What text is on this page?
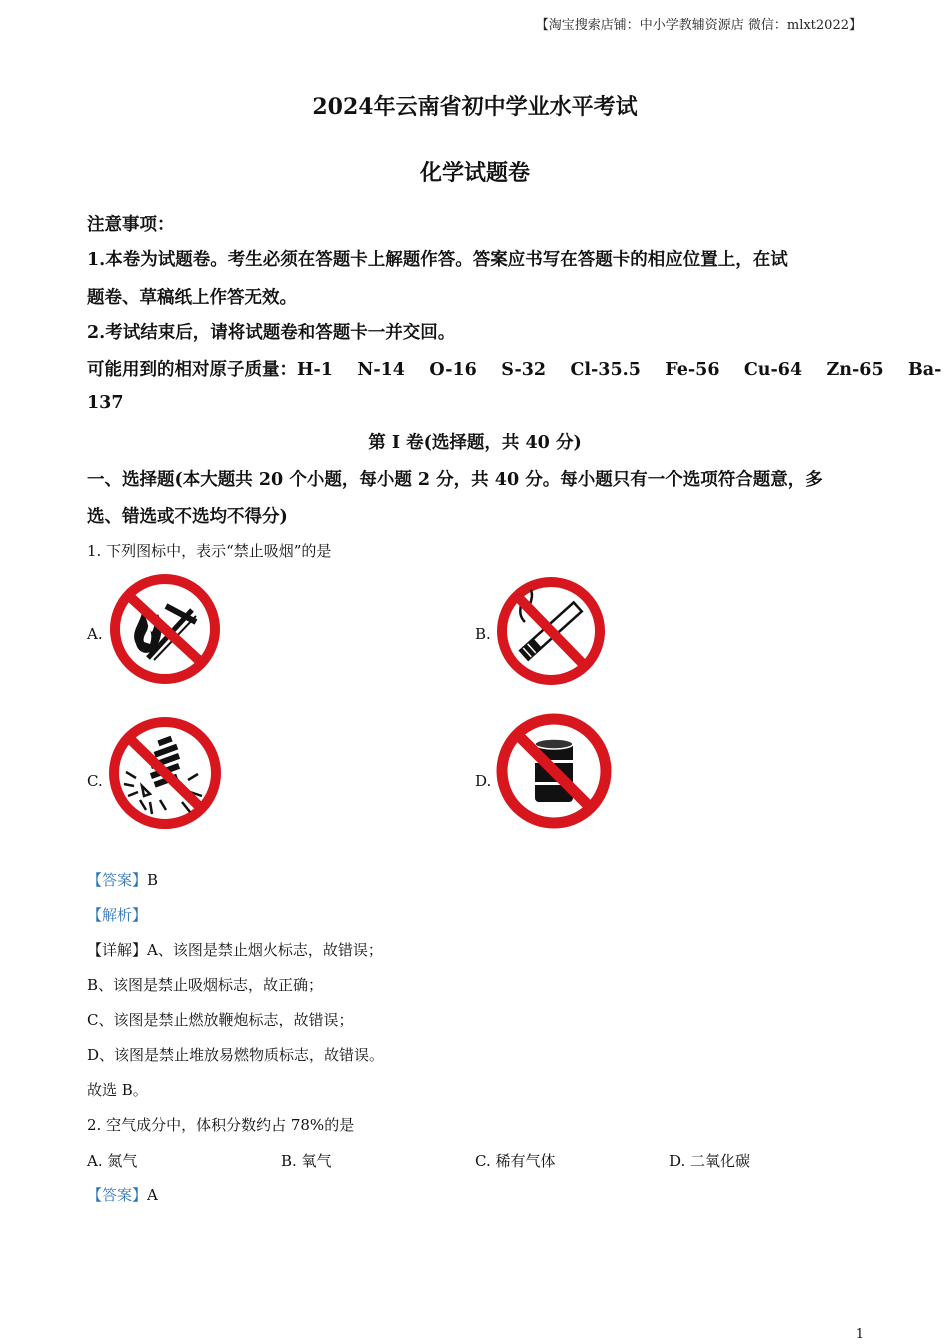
【淘宝搜索店铺：中小学教辅资源店 微信：mlxt2022】
2024年云南省初中学业水平考试
化学试题卷
注意事项：
1.本卷为试题卷。考生必须在答题卡上解题作答。答案应书写在答题卡的相应位置上，在试
题卷、草稿纸上作答无效。
2.考试结束后，请将试题卷和答题卡一并交回。
可能用到的相对原子质量：H-1    N-14    O-16    S-32    Cl-35.5    Fe-56    Cu-64    Zn-65    Ba-
137
第 I 卷(选择题，共 40 分)
一、选择题(本大题共 20 个小题，每小题 2 分，共 40 分。每小题只有一个选项符合题意，多
选、错选或不选均不得分)
1. 下列图标中，表示“禁止吸烟”的是
A.	B.
C.	D.
【答案】B
【解析】
【详解】A、该图是禁止烟火标志，故错误；
B、该图是禁止吸烟标志，故正确；
C、该图是禁止燃放鞭炮标志，故错误；
D、该图是禁止堆放易燃物质标志，故错误。
故选 B。
2. 空气成分中，体积分数约占 78%的是
A. 氮气	B. 氧气	C. 稀有气体	D. 二氧化碳
【答案】A
1
